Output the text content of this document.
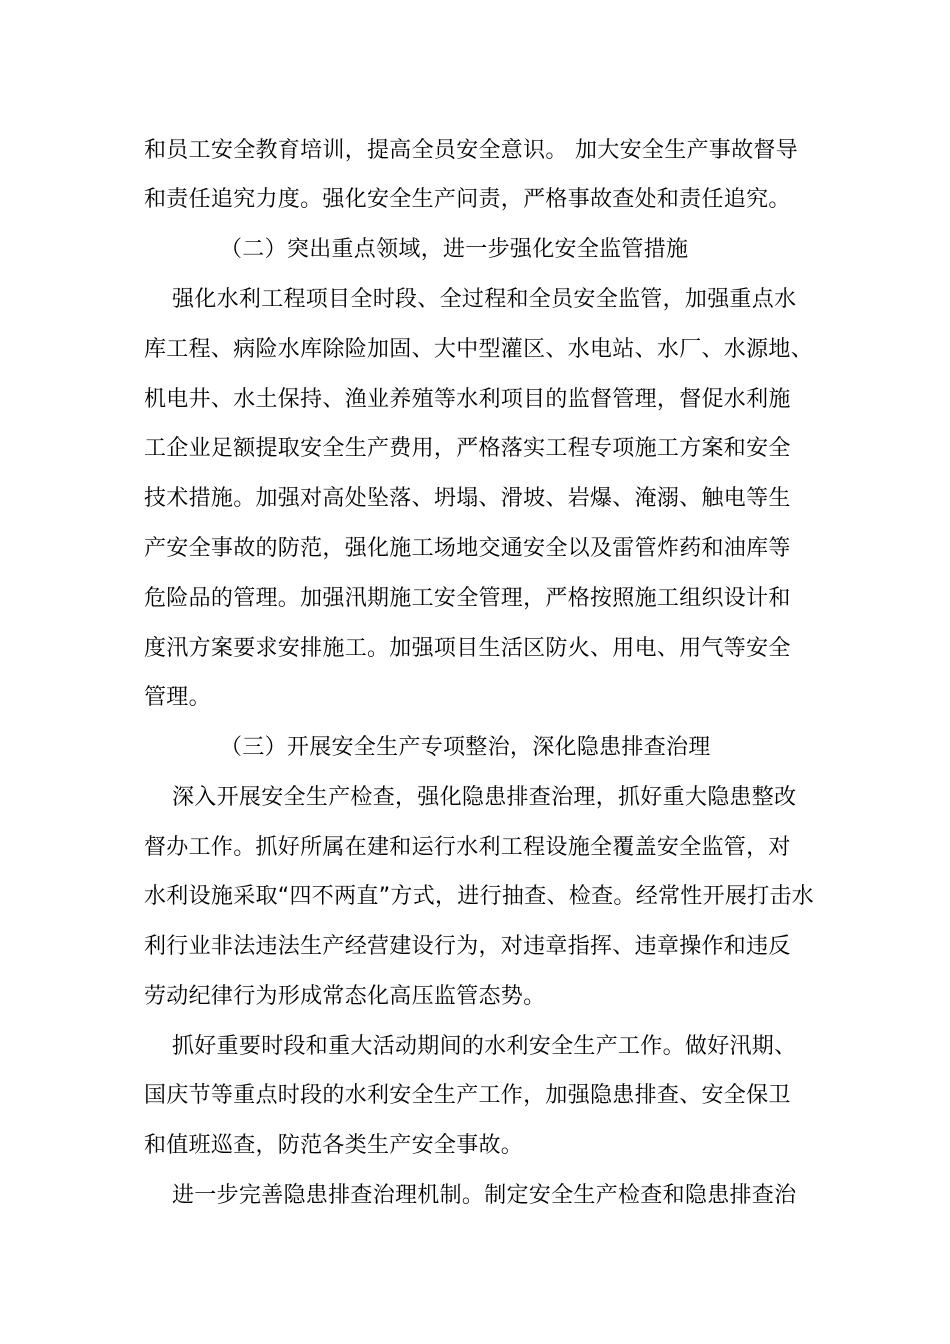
和员工安全教育培训，提高全员安全意识。 加大安全生产事故督导
和责任追究力度。强化安全生产问责，严格事故查处和责任追究。
（二）突出重点领域，进一步强化安全监管措施
强化水利工程项目全时段、全过程和全员安全监管，加强重点水
库工程、病险水库除险加固、大中型灌区、水电站、水厂、水源地、
机电井、水土保持、渔业养殖等水利项目的监督管理，督促水利施
工企业足额提取安全生产费用，严格落实工程专项施工方案和安全
技术措施。加强对高处坠落、坍塌、滑坡、岩爆、淹溺、触电等生
产安全事故的防范，强化施工场地交通安全以及雷管炸药和油库等
危险品的管理。加强汛期施工安全管理，严格按照施工组织设计和
度汛方案要求安排施工。加强项目生活区防火、用电、用气等安全
管理。
（三）开展安全生产专项整治，深化隐患排查治理
深入开展安全生产检查，强化隐患排查治理，抓好重大隐患整改
督办工作。抓好所属在建和运行水利工程设施全覆盖安全监管，对
水利设施采取“四不两直”方式，进行抽查、检查。经常性开展打击水
利行业非法违法生产经营建设行为，对违章指挥、违章操作和违反
劳动纪律行为形成常态化高压监管态势。
抓好重要时段和重大活动期间的水利安全生产工作。做好汛期、
国庆节等重点时段的水利安全生产工作，加强隐患排查、安全保卫
和值班巡查，防范各类生产安全事故。
进一步完善隐患排查治理机制。制定安全生产检查和隐患排查治
